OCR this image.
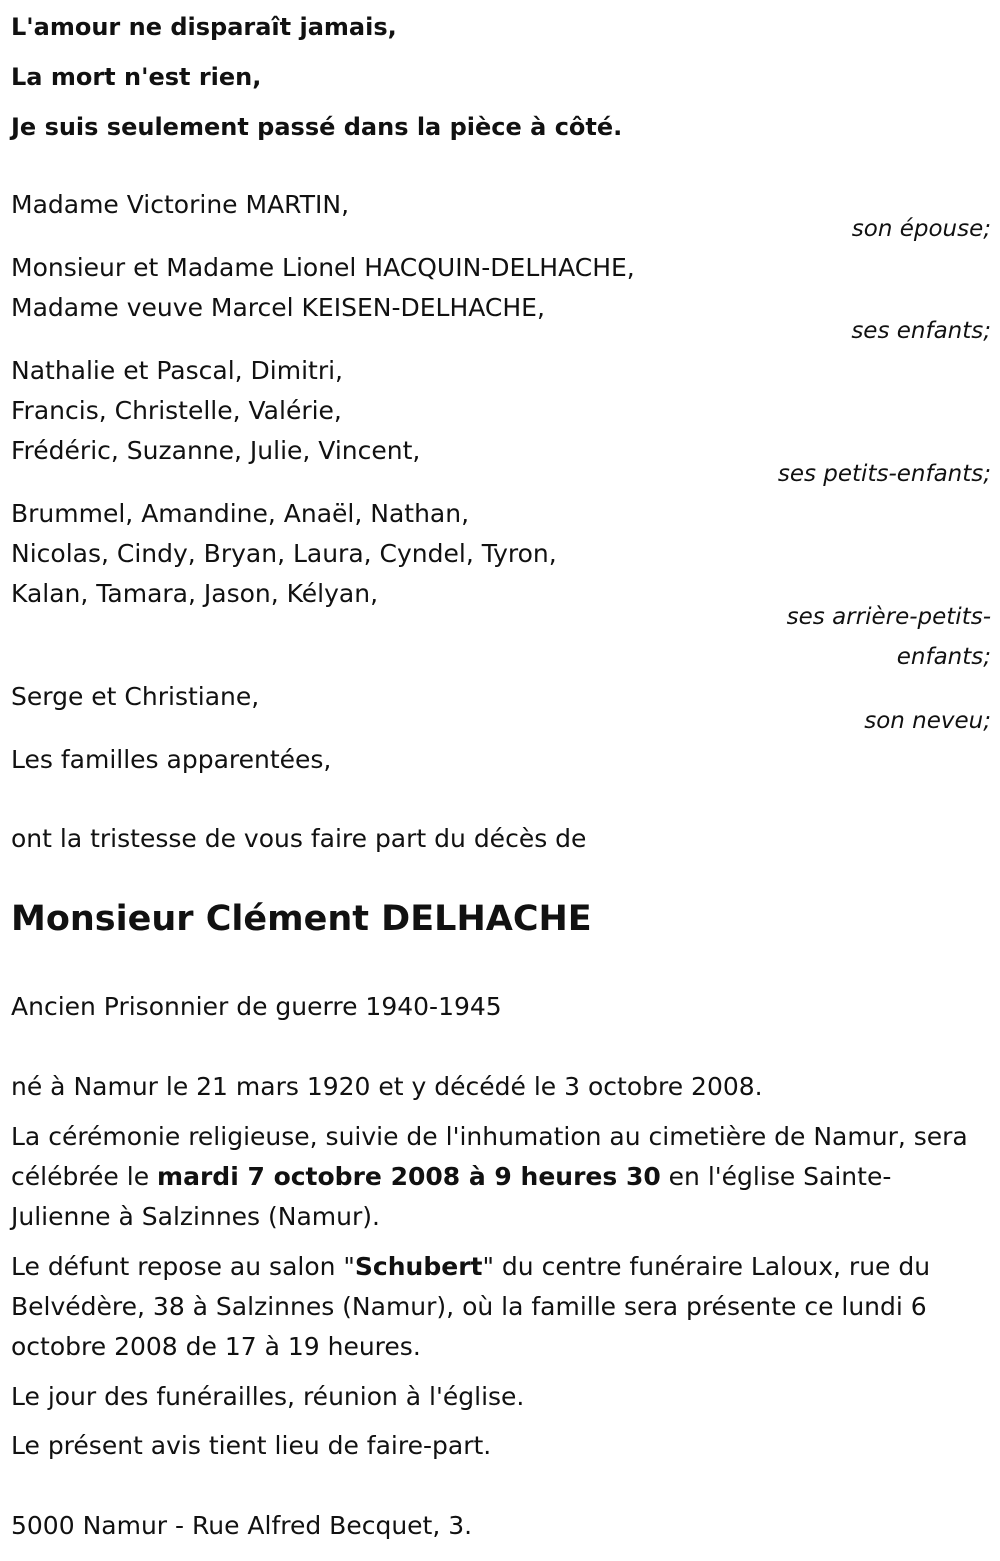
L'amour ne disparaît jamais,
La mort n'est rien,
Je suis seulement passé dans la pièce à côté.
Madame Victorine MARTIN,
son épouse;
Monsieur et Madame Lionel HACQUIN-DELHACHE,
Madame veuve Marcel KEISEN-DELHACHE,
ses enfants;
Nathalie et Pascal, Dimitri,
Francis, Christelle, Valérie,
Frédéric, Suzanne, Julie, Vincent,
ses petits-enfants;
Brummel, Amandine, Anaël, Nathan,
Nicolas, Cindy, Bryan, Laura, Cyndel, Tyron,
Kalan, Tamara, Jason, Kélyan,
ses arrière-petits-
enfants;
Serge et Christiane,
son neveu;
Les familles apparentées,
ont la tristesse de vous faire part du décès de
Monsieur Clément DELHACHE
Ancien Prisonnier de guerre 1940-1945
né à Namur le 21 mars 1920 et y décédé le 3 octobre 2008.
La cérémonie religieuse, suivie de l'inhumation au cimetière de Namur, sera célébrée le mardi 7 octobre 2008 à 9 heures 30 en l'église Sainte-Julienne à Salzinnes (Namur).
Le défunt repose au salon "Schubert" du centre funéraire Laloux, rue du Belvédère, 38 à Salzinnes (Namur), où la famille sera présente ce lundi 6 octobre 2008 de 17 à 19 heures.
Le jour des funérailles, réunion à l'église.
Le présent avis tient lieu de faire-part.
5000 Namur - Rue Alfred Becquet, 3.
